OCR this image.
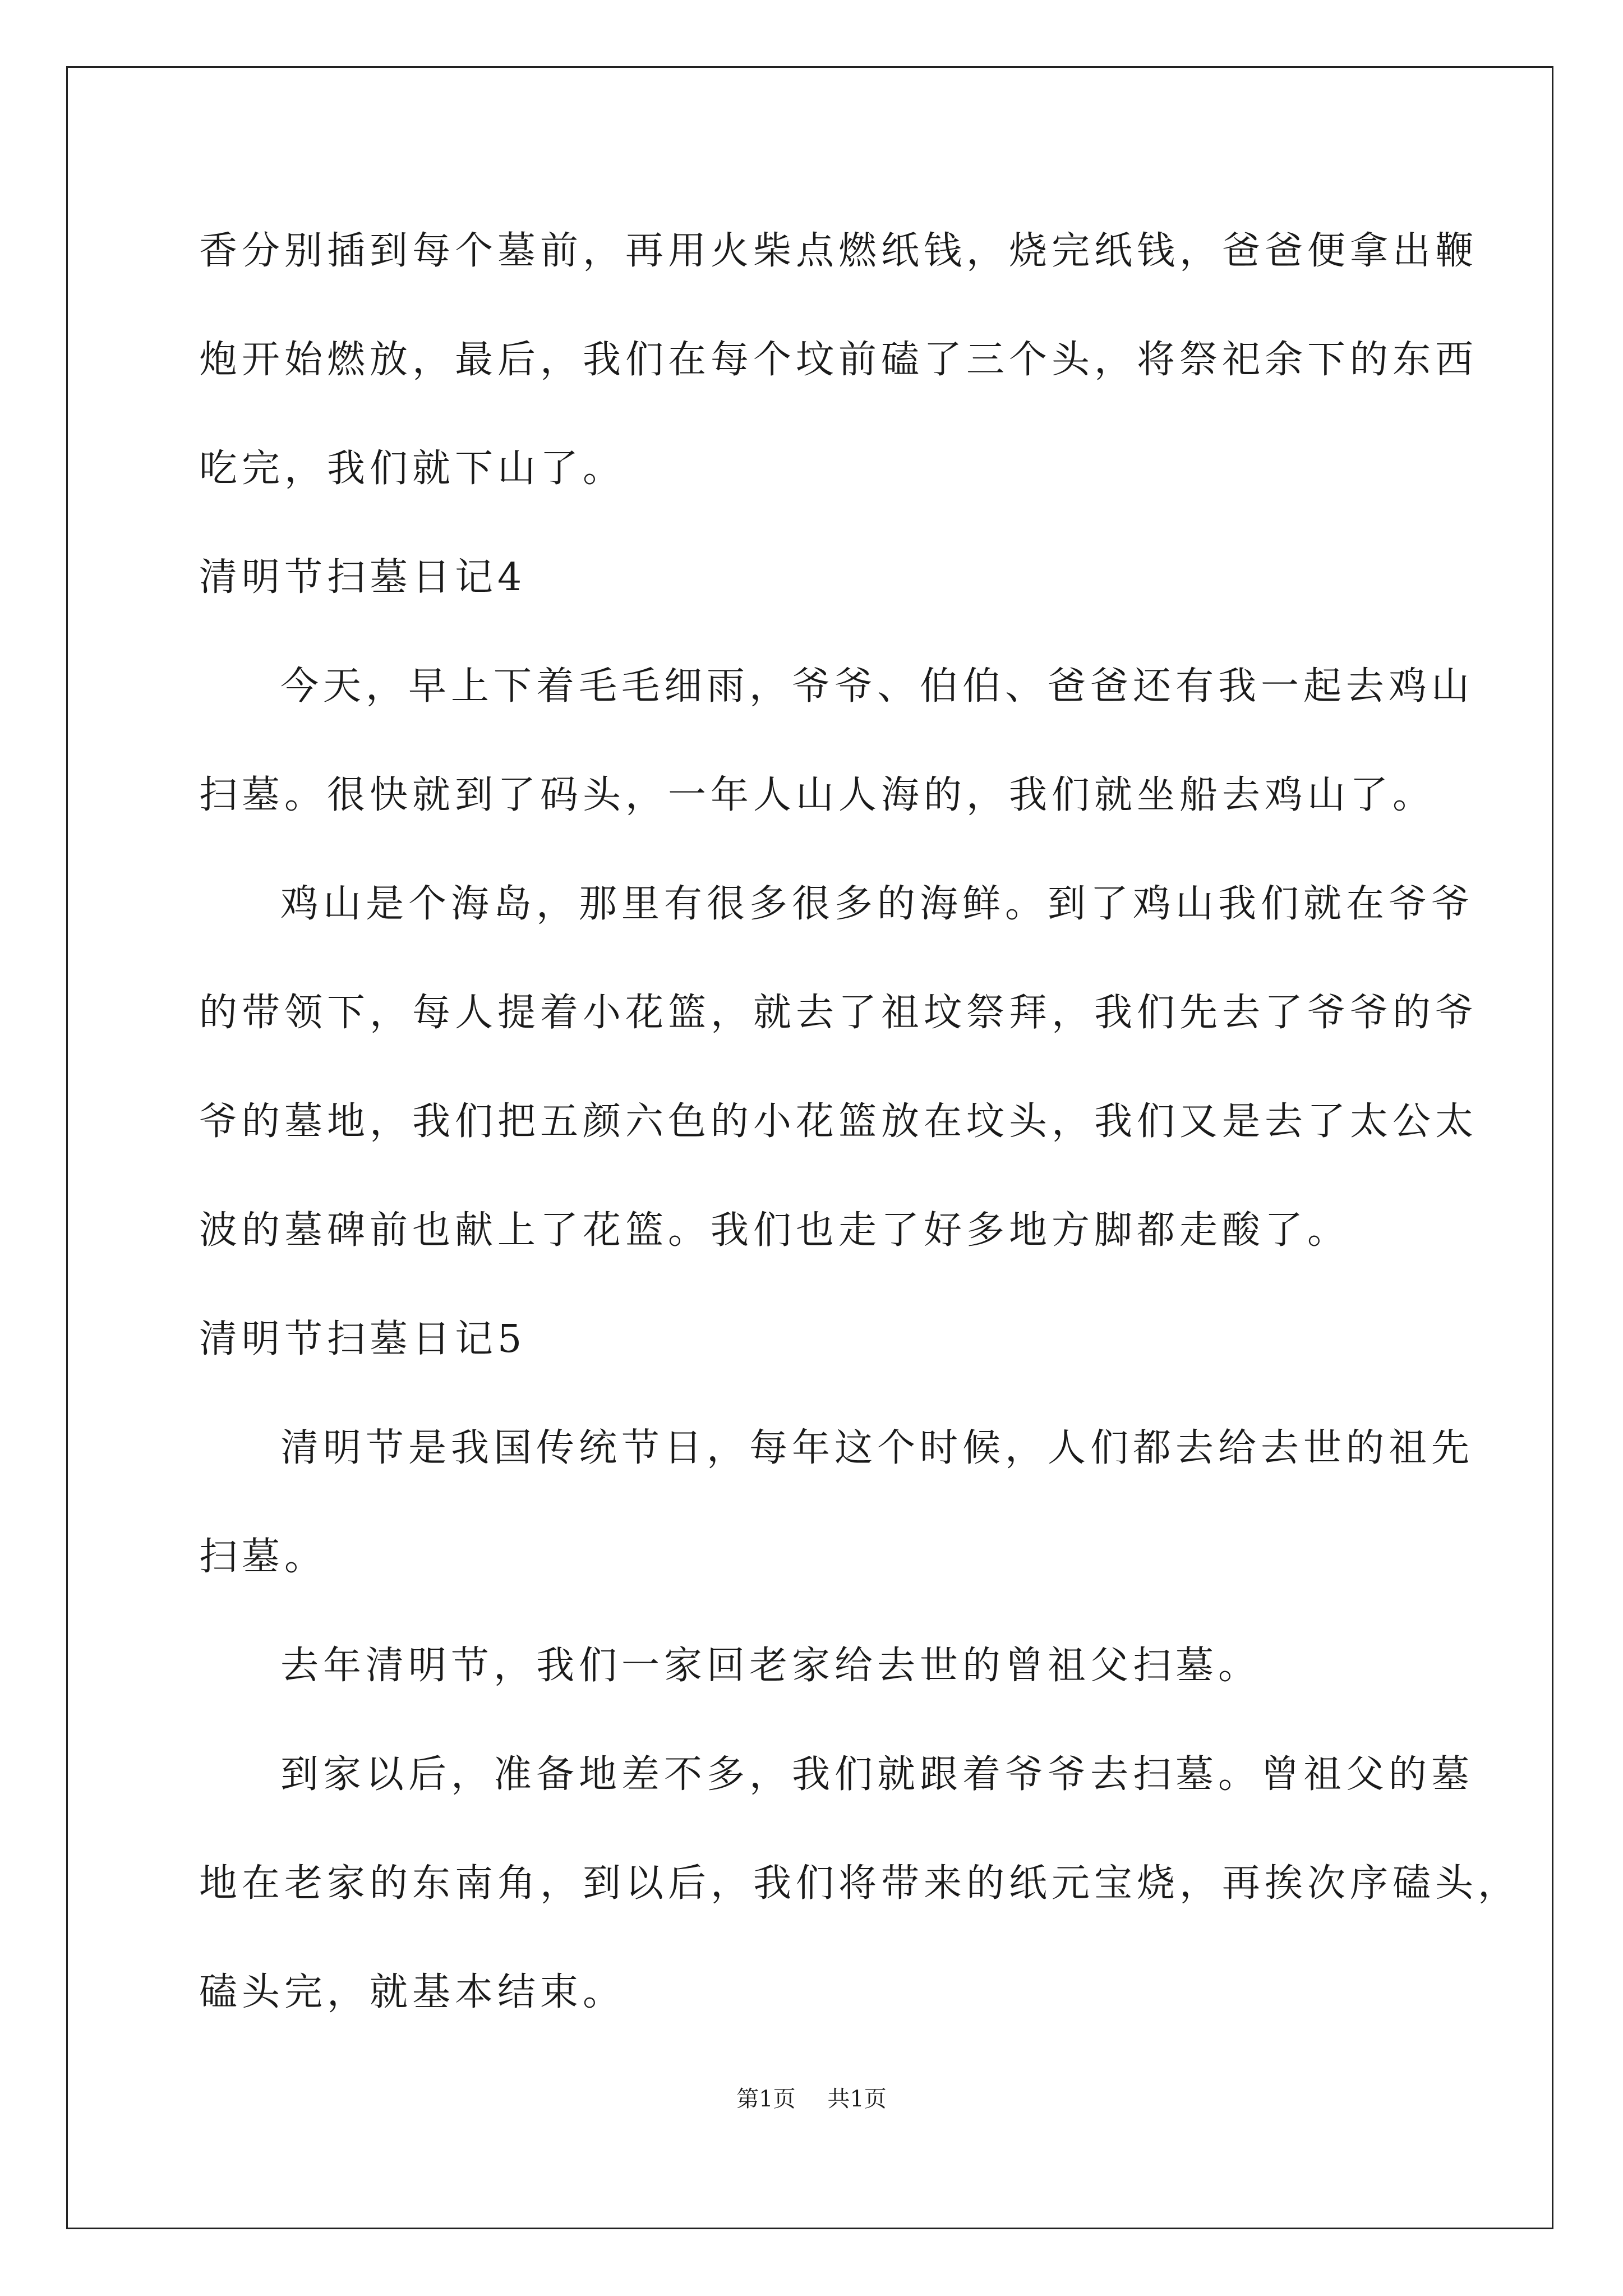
香分别插到每个墓前，再用火柴点燃纸钱，烧完纸钱，爸爸便拿出鞭
炮开始燃放，最后，我们在每个坟前磕了三个头，将祭祀余下的东西
吃完，我们就下山了。
清明节扫墓日记4
今天，早上下着毛毛细雨，爷爷、伯伯、爸爸还有我一起去鸡山
扫墓。很快就到了码头，一年人山人海的，我们就坐船去鸡山了。
鸡山是个海岛，那里有很多很多的海鲜。到了鸡山我们就在爷爷
的带领下，每人提着小花篮，就去了祖坟祭拜，我们先去了爷爷的爷
爷的墓地，我们把五颜六色的小花篮放在坟头，我们又是去了太公太
波的墓碑前也献上了花篮。我们也走了好多地方脚都走酸了。
清明节扫墓日记5
清明节是我国传统节日，每年这个时候，人们都去给去世的祖先
扫墓。
去年清明节，我们一家回老家给去世的曾祖父扫墓。
到家以后，准备地差不多，我们就跟着爷爷去扫墓。曾祖父的墓
地在老家的东南角，到以后，我们将带来的纸元宝烧，再挨次序磕头，
磕头完，就基本结束。
第1页 共1页
